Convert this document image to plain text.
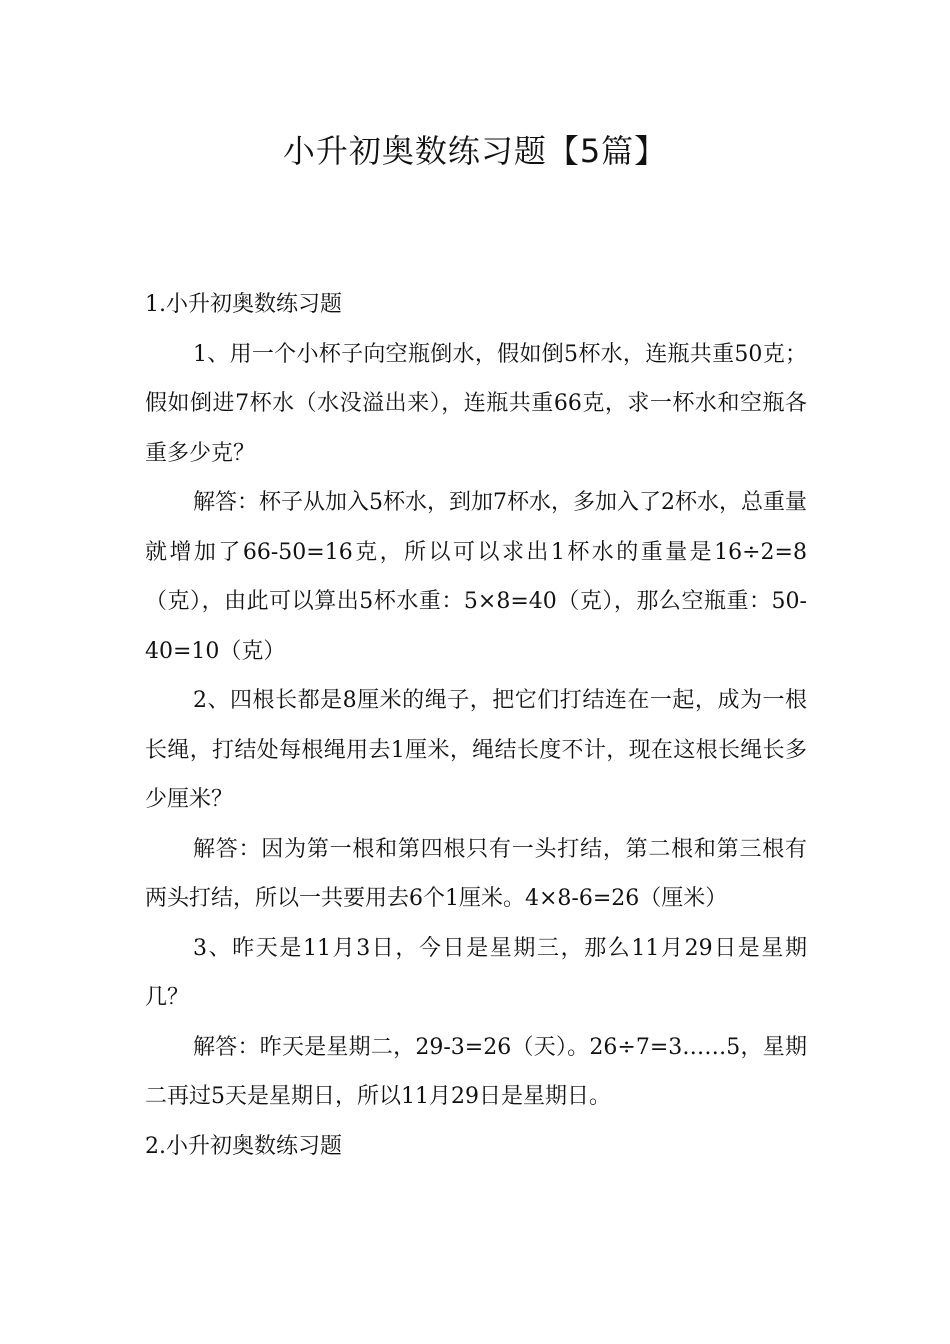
小升初奥数练习题【5篇】

1.小升初奥数练习题

1、用一个小杯子向空瓶倒水，假如倒5杯水，连瓶共重50克；假如倒进7杯水（水没溢出来），连瓶共重66克，求一杯水和空瓶各重多少克？

解答：杯子从加入5杯水，到加7杯水，多加入了2杯水，总重量就增加了66-50=16克，所以可以求出1杯水的重量是16÷2=8（克），由此可以算出5杯水重：5×8=40（克），那么空瓶重：50-40=10（克）

2、四根长都是8厘米的绳子，把它们打结连在一起，成为一根长绳，打结处每根绳用去1厘米，绳结长度不计，现在这根长绳长多少厘米？

解答：因为第一根和第四根只有一头打结，第二根和第三根有两头打结，所以一共要用去6个1厘米。4×8-6=26（厘米）

3、昨天是11月3日，今日是星期三，那么11月29日是星期几？

解答：昨天是星期二，29-3=26（天）。26÷7=3……5，星期二再过5天是星期日，所以11月29日是星期日。

2.小升初奥数练习题
